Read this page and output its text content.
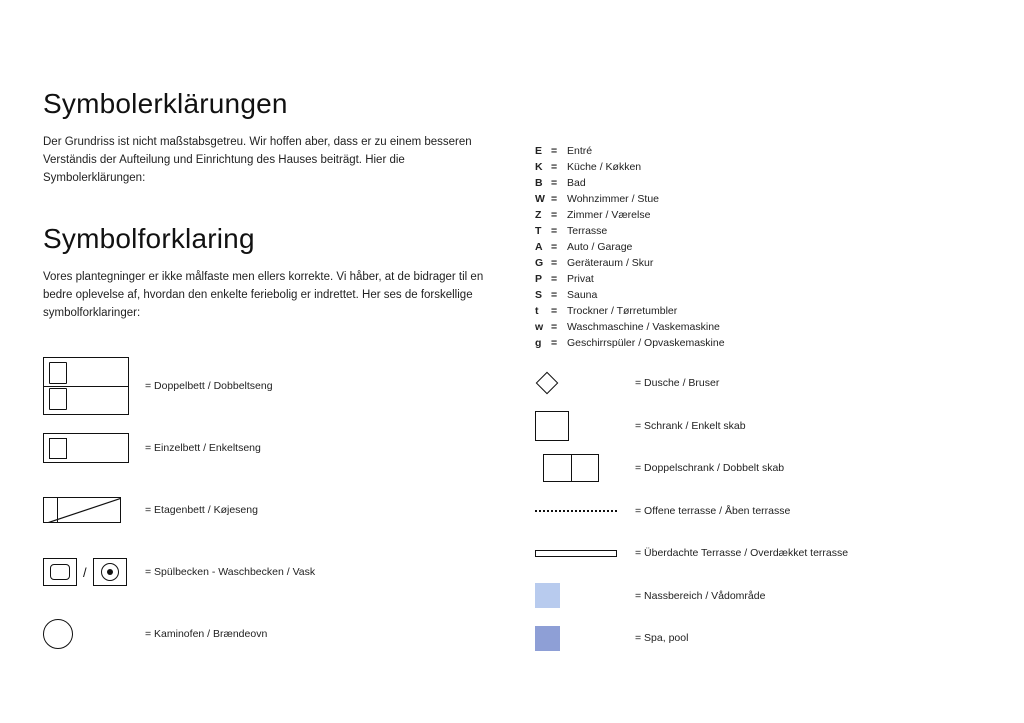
Symbolerklärungen

Der Grundriss ist nicht maßstabsgetreu. Wir hoffen aber, dass er zu einem besseren Verständis der Aufteilung und Einrichtung des Hauses beiträgt. Hier die Symbolerklärungen:

Symbolforklaring

Vores plantegninger er ikke målfaste men ellers korrekte. Vi håber, at de bidrager til en bedre oplevelse af, hvordan den enkelte feriebolig er indrettet. Her ses de forskellige symbolforklaringer:

E = Entré
K = Küche / Køkken
B = Bad
W = Wohnzimmer / Stue
Z = Zimmer / Værelse
T = Terrasse
A = Auto / Garage
G = Geräteraum / Skur
P = Privat
S = Sauna
t	= Trockner / Tørretumbler
w = Waschmaschine / Vaskemaskine
g = Geschirrspüler / Opvaskemaskine
= Doppelbett / Dobbeltseng
= Einzelbett / Enkeltseng
= Etagenbett / Køjeseng
/	= Spülbecken - Waschbecken / Vask
= Kaminofen / Brændeovn
= Dusche / Bruser
= Schrank / Enkelt skab
= Doppelschrank / Dobbelt skab
= Offene terrasse / Åben terrasse
= Überdachte Terrasse / Overdækket terrasse
= Nassbereich / Vådområde
= Spa, pool
